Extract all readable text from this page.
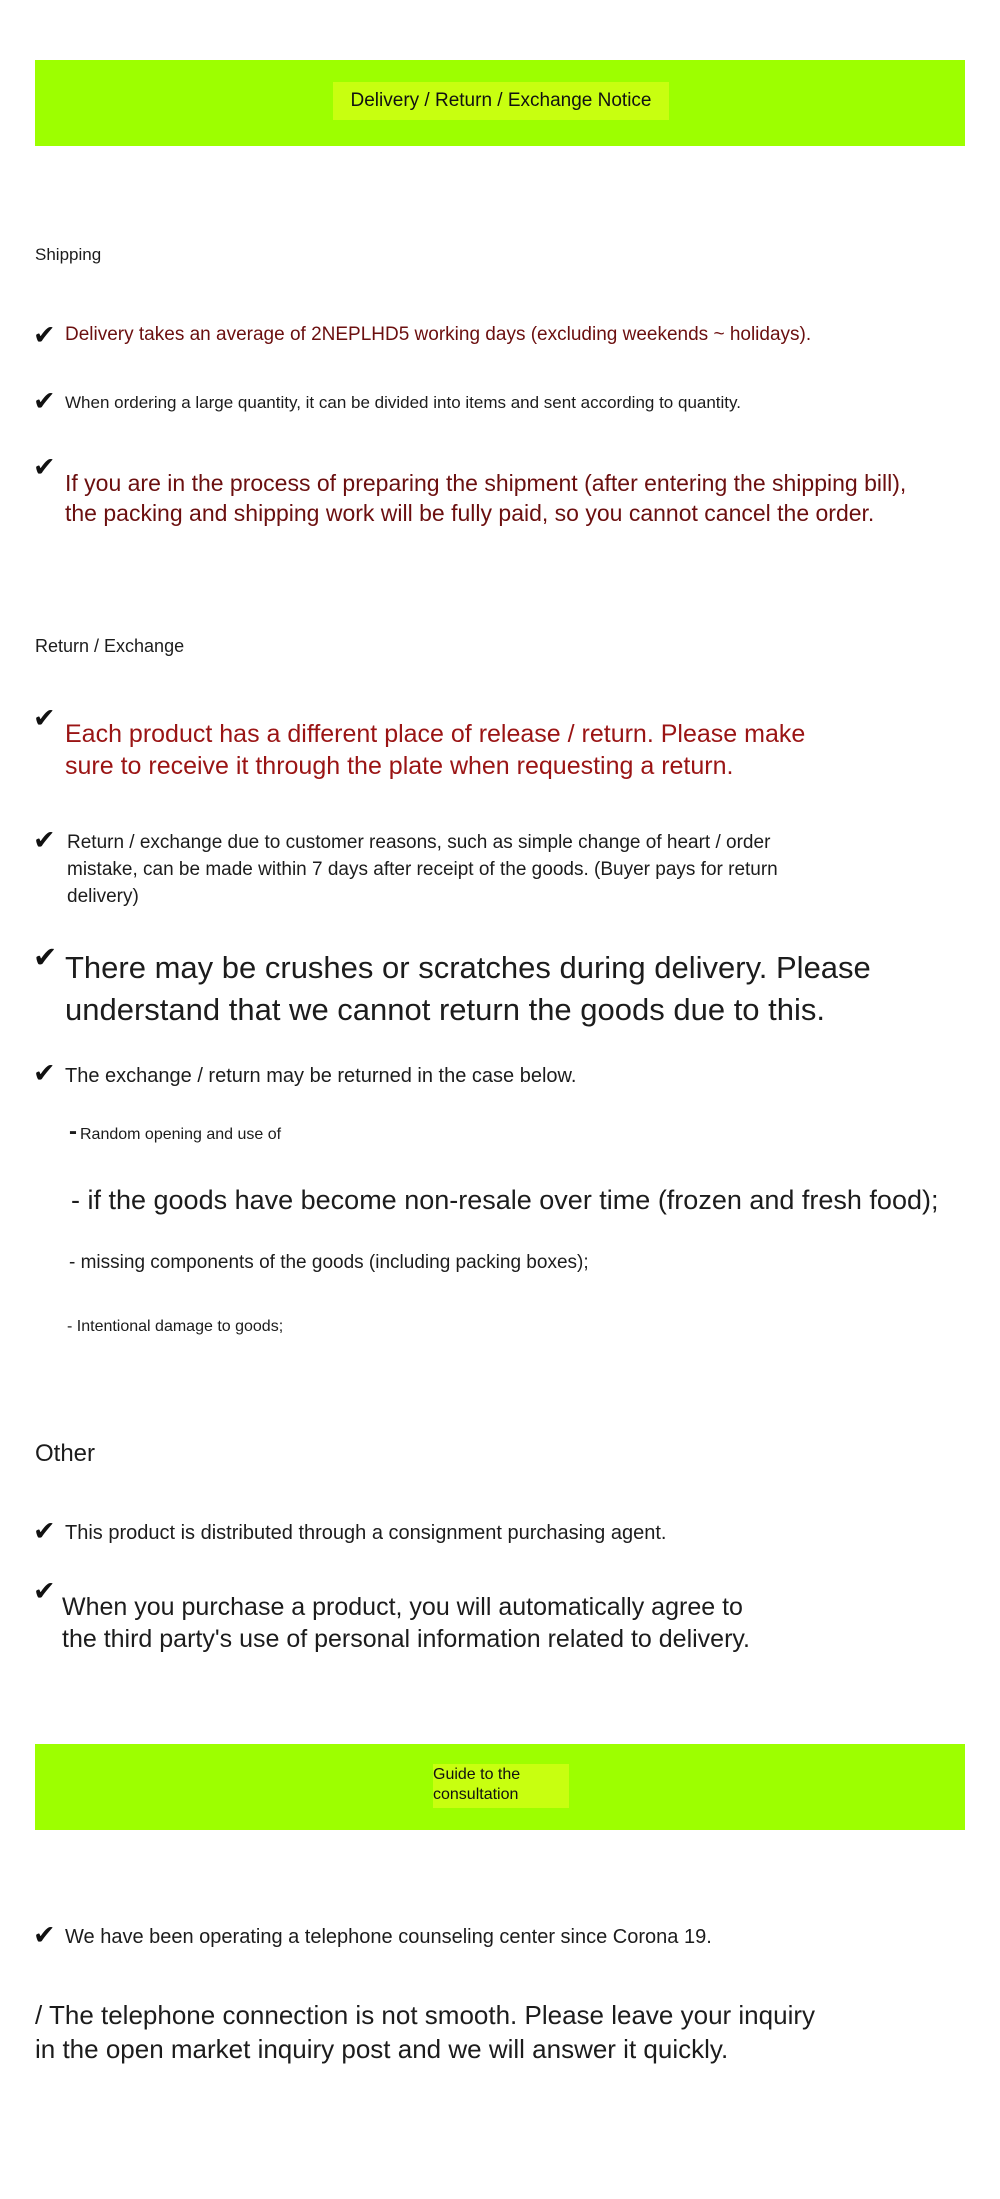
Delivery / Return / Exchange Notice
Shipping
✔ Delivery takes an average of 2NEPLHD5 working days (excluding weekends ~ holidays).
✔ When ordering a large quantity, it can be divided into items and sent according to quantity.
✔ If you are in the process of preparing the shipment (after entering the shipping bill),
the packing and shipping work will be fully paid, so you cannot cancel the order.
Return / Exchange
✔ Each product has a different place of release / return. Please make
sure to receive it through the plate when requesting a return.
✔ Return / exchange due to customer reasons, such as simple change of heart / order
mistake, can be made within 7 days after receipt of the goods. (Buyer pays for return
delivery)
✔ There may be crushes or scratches during delivery. Please
understand that we cannot return the goods due to this.
✔ The exchange / return may be returned in the case below.
- Random opening and use of
- if the goods have become non-resale over time (frozen and fresh food);
- missing components of the goods (including packing boxes);
- Intentional damage to goods;
Other
✔ This product is distributed through a consignment purchasing agent.
✔ When you purchase a product, you will automatically agree to
the third party's use of personal information related to delivery.
Guide to the
consultation
✔ We have been operating a telephone counseling center since Corona 19.
/ The telephone connection is not smooth. Please leave your inquiry
in the open market inquiry post and we will answer it quickly.
